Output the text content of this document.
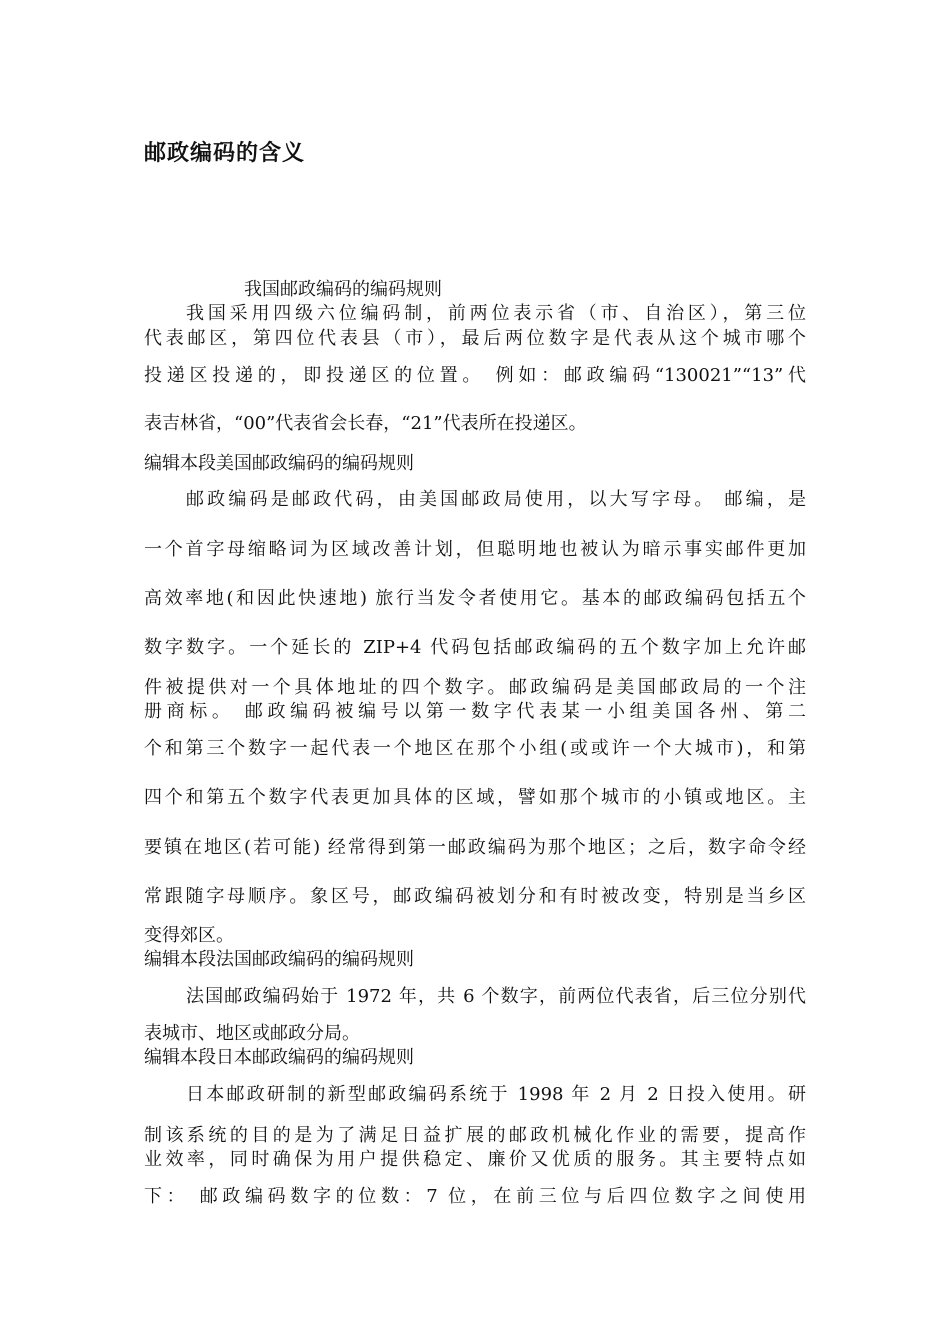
邮政编码的含义
我国邮政编码的编码规则
我国采用四级六位编码制，前两位表示省（市、自治区），第三位
代表邮区，第四位代表县（市），最后两位数字是代表从这个城市哪个
投递区投递的，即投递区的位置。 例如：邮政编码“130021”“13”代
表吉林省，“00”代表省会长春，“21”代表所在投递区。
编辑本段美国邮政编码的编码规则
邮政编码是邮政代码，由美国邮政局使用，以大写字母。 邮编，是
一个首字母缩略词为区域改善计划，但聪明地也被认为暗示事实邮件更加
高效率地(和因此快速地) 旅行当发令者使用它。基本的邮政编码包括五个
数字数字。一个延长的 ZIP+4 代码包括邮政编码的五个数字加上允许邮
件被提供对一个具体地址的四个数字。邮政编码是美国邮政局的一个注
册商标。 邮政编码被编号以第一数字代表某一小组美国各州、第二
个和第三个数字一起代表一个地区在那个小组(或或许一个大城市)，和第
四个和第五个数字代表更加具体的区域，譬如那个城市的小镇或地区。主
要镇在地区(若可能) 经常得到第一邮政编码为那个地区；之后，数字命令经
常跟随字母顺序。象区号，邮政编码被划分和有时被改变，特别是当乡区
变得郊区。
编辑本段法国邮政编码的编码规则
法国邮政编码始于 1972 年，共 6 个数字，前两位代表省，后三位分别代
表城市、地区或邮政分局。
编辑本段日本邮政编码的编码规则
日本邮政研制的新型邮政编码系统于 1998 年 2 月 2 日投入使用。研
制该系统的目的是为了满足日益扩展的邮政机械化作业的需要，提高作
业效率，同时确保为用户提供稳定、廉价又优质的服务。其主要特点如
下： 邮政编码数字的位数：7 位，在前三位与后四位数字之间使用
